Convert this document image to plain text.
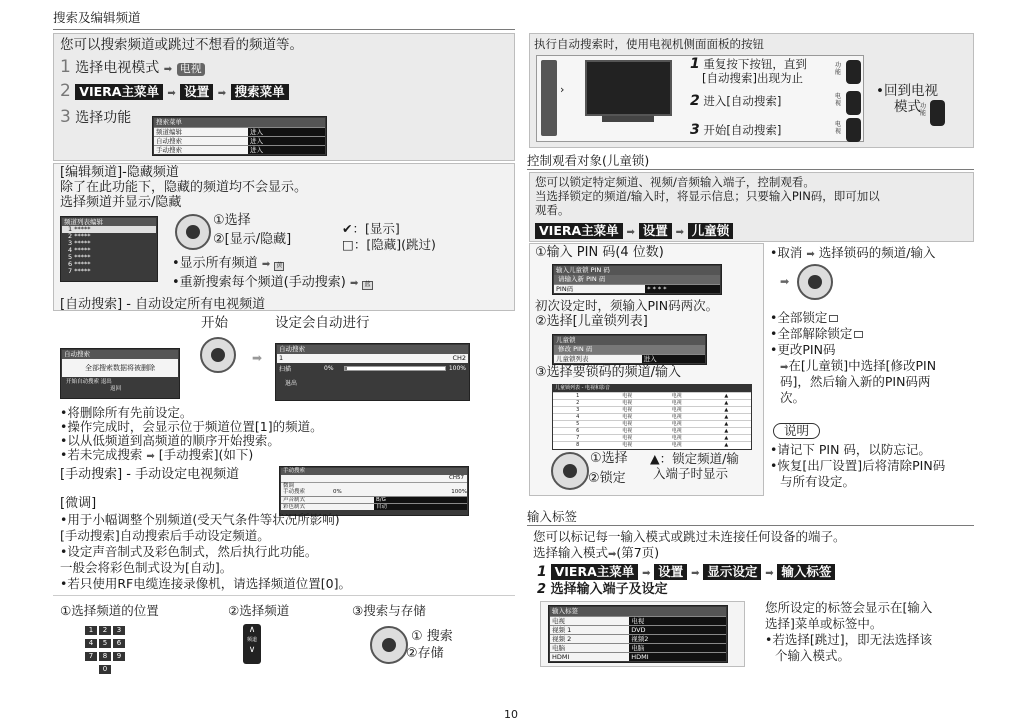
搜索及编辑频道
您可以搜索频道或跳过不想看的频道等。
1 选择电视模式 ➡ 电视
2 VIERA主菜单 ➡ 设置 ➡ 搜索菜单
3 选择功能	搜索菜单
频道编辑	进入
自动搜索	进入
手动搜索	进入
[编辑频道]-隐藏频道
除了在此功能下，隐藏的频道均不会显示。
选择频道并显示/隐藏
频道列表编辑
1 *****
2 *****
3 *****
4 *****
5 *****
6 *****
7 *****
①选择
②[显示/隐藏]
✔：[显示]
□：[隐藏](跳过)
•显示所有频道 ➡ 黄
•重新搜索每个频道(手动搜索) ➡ 蓝
[自动搜索] - 自动设定所有电视频道
开始	设定会自动进行
自动搜索
全部搜索数据将被删除
开始自动搜索 退出
返回
➡
自动搜索
1	CH2
扫描	0%	100%
退出
•将删除所有先前设定。
•操作完成时，会显示位于频道位置[1]的频道。
•以从低频道到高频道的顺序开始搜索。
•若未完成搜索 ➡ [手动搜索](如下)
[手动搜索] - 手动设定电视频道	手动搜索
CH57
微调
手动搜索	0%	100%
声音制式	B/G
彩色制式	自动
[微调]
•用于小幅调整个别频道(受天气条件等状况所影响)
[手动搜索]自动搜索后手动设定频道。
•设定声音制式及彩色制式，然后执行此功能。
一般会将彩色制式设为[自动]。
•若只使用RF电缆连接录像机，请选择频道位置[0]。
①选择频道的位置	②选择频道	③搜索与存储
1 2 3
4 5 6
7 8 9
0
∧
频道
∨
① 搜索
②存储
10
执行自动搜索时，使用电视机侧面面板的按钮
›
1 重复按下按钮，直到
[自动搜索]出现为止
2 进入[自动搜索]
3 开始[自动搜索]
功能
电视
电视
•回到电视
模式 功能
控制观看对象(儿童锁)
您可以锁定特定频道、视频/音频输入端子，控制观看。
当选择锁定的频道/输入时，将显示信息；只要输入PIN码，即可加以
观看。
VIERA主菜单 ➡ 设置 ➡ 儿童锁
①输入 PIN 码(4 位数)
输入儿童锁 PIN 码
请输入新 PIN 码
PIN码	* * * *
初次设定时，须输入PIN码两次。
②选择[儿童锁列表]
儿童锁
修改 PIN 码
儿童锁列表	进入
③选择要锁码的频道/输入
儿童锁列表 - 电视和影音
1	电视	电视	▲
2	电视	电视	▲
3	电视	电视	▲
4	电视	电视	▲
5	电视	电视	▲
6	电视	电视	▲
7	电视	电视	▲
8	电视	电视	▲
①选择
②锁定
▲：锁定频道/输
入端子时显示
•取消 ➡ 选择锁码的频道/输入
➡
•全部锁定
•全部解除锁定
•更改PIN码
➡在[儿童锁]中选择[修改PIN
码]，然后输入新的PIN码两
次。
说明
•请记下 PIN 码，以防忘记。
•恢复[出厂设置]后将清除PIN码
与所有设定。
输入标签
您可以标记每一输入模式或跳过未连接任何设备的端子。
选择输入模式➡(第7页)
1 VIERA主菜单 ➡ 设置 ➡ 显示设定 ➡ 输入标签
2 选择输入端子及设定
输入标签
电视	电视
视频 1	DVD
视频 2	视频2
电脑	电脑
HDMI	HDMI
您所设定的标签会显示在[输入
选择]菜单或标签中。
•若选择[跳过]，即无法选择该
个输入模式。
